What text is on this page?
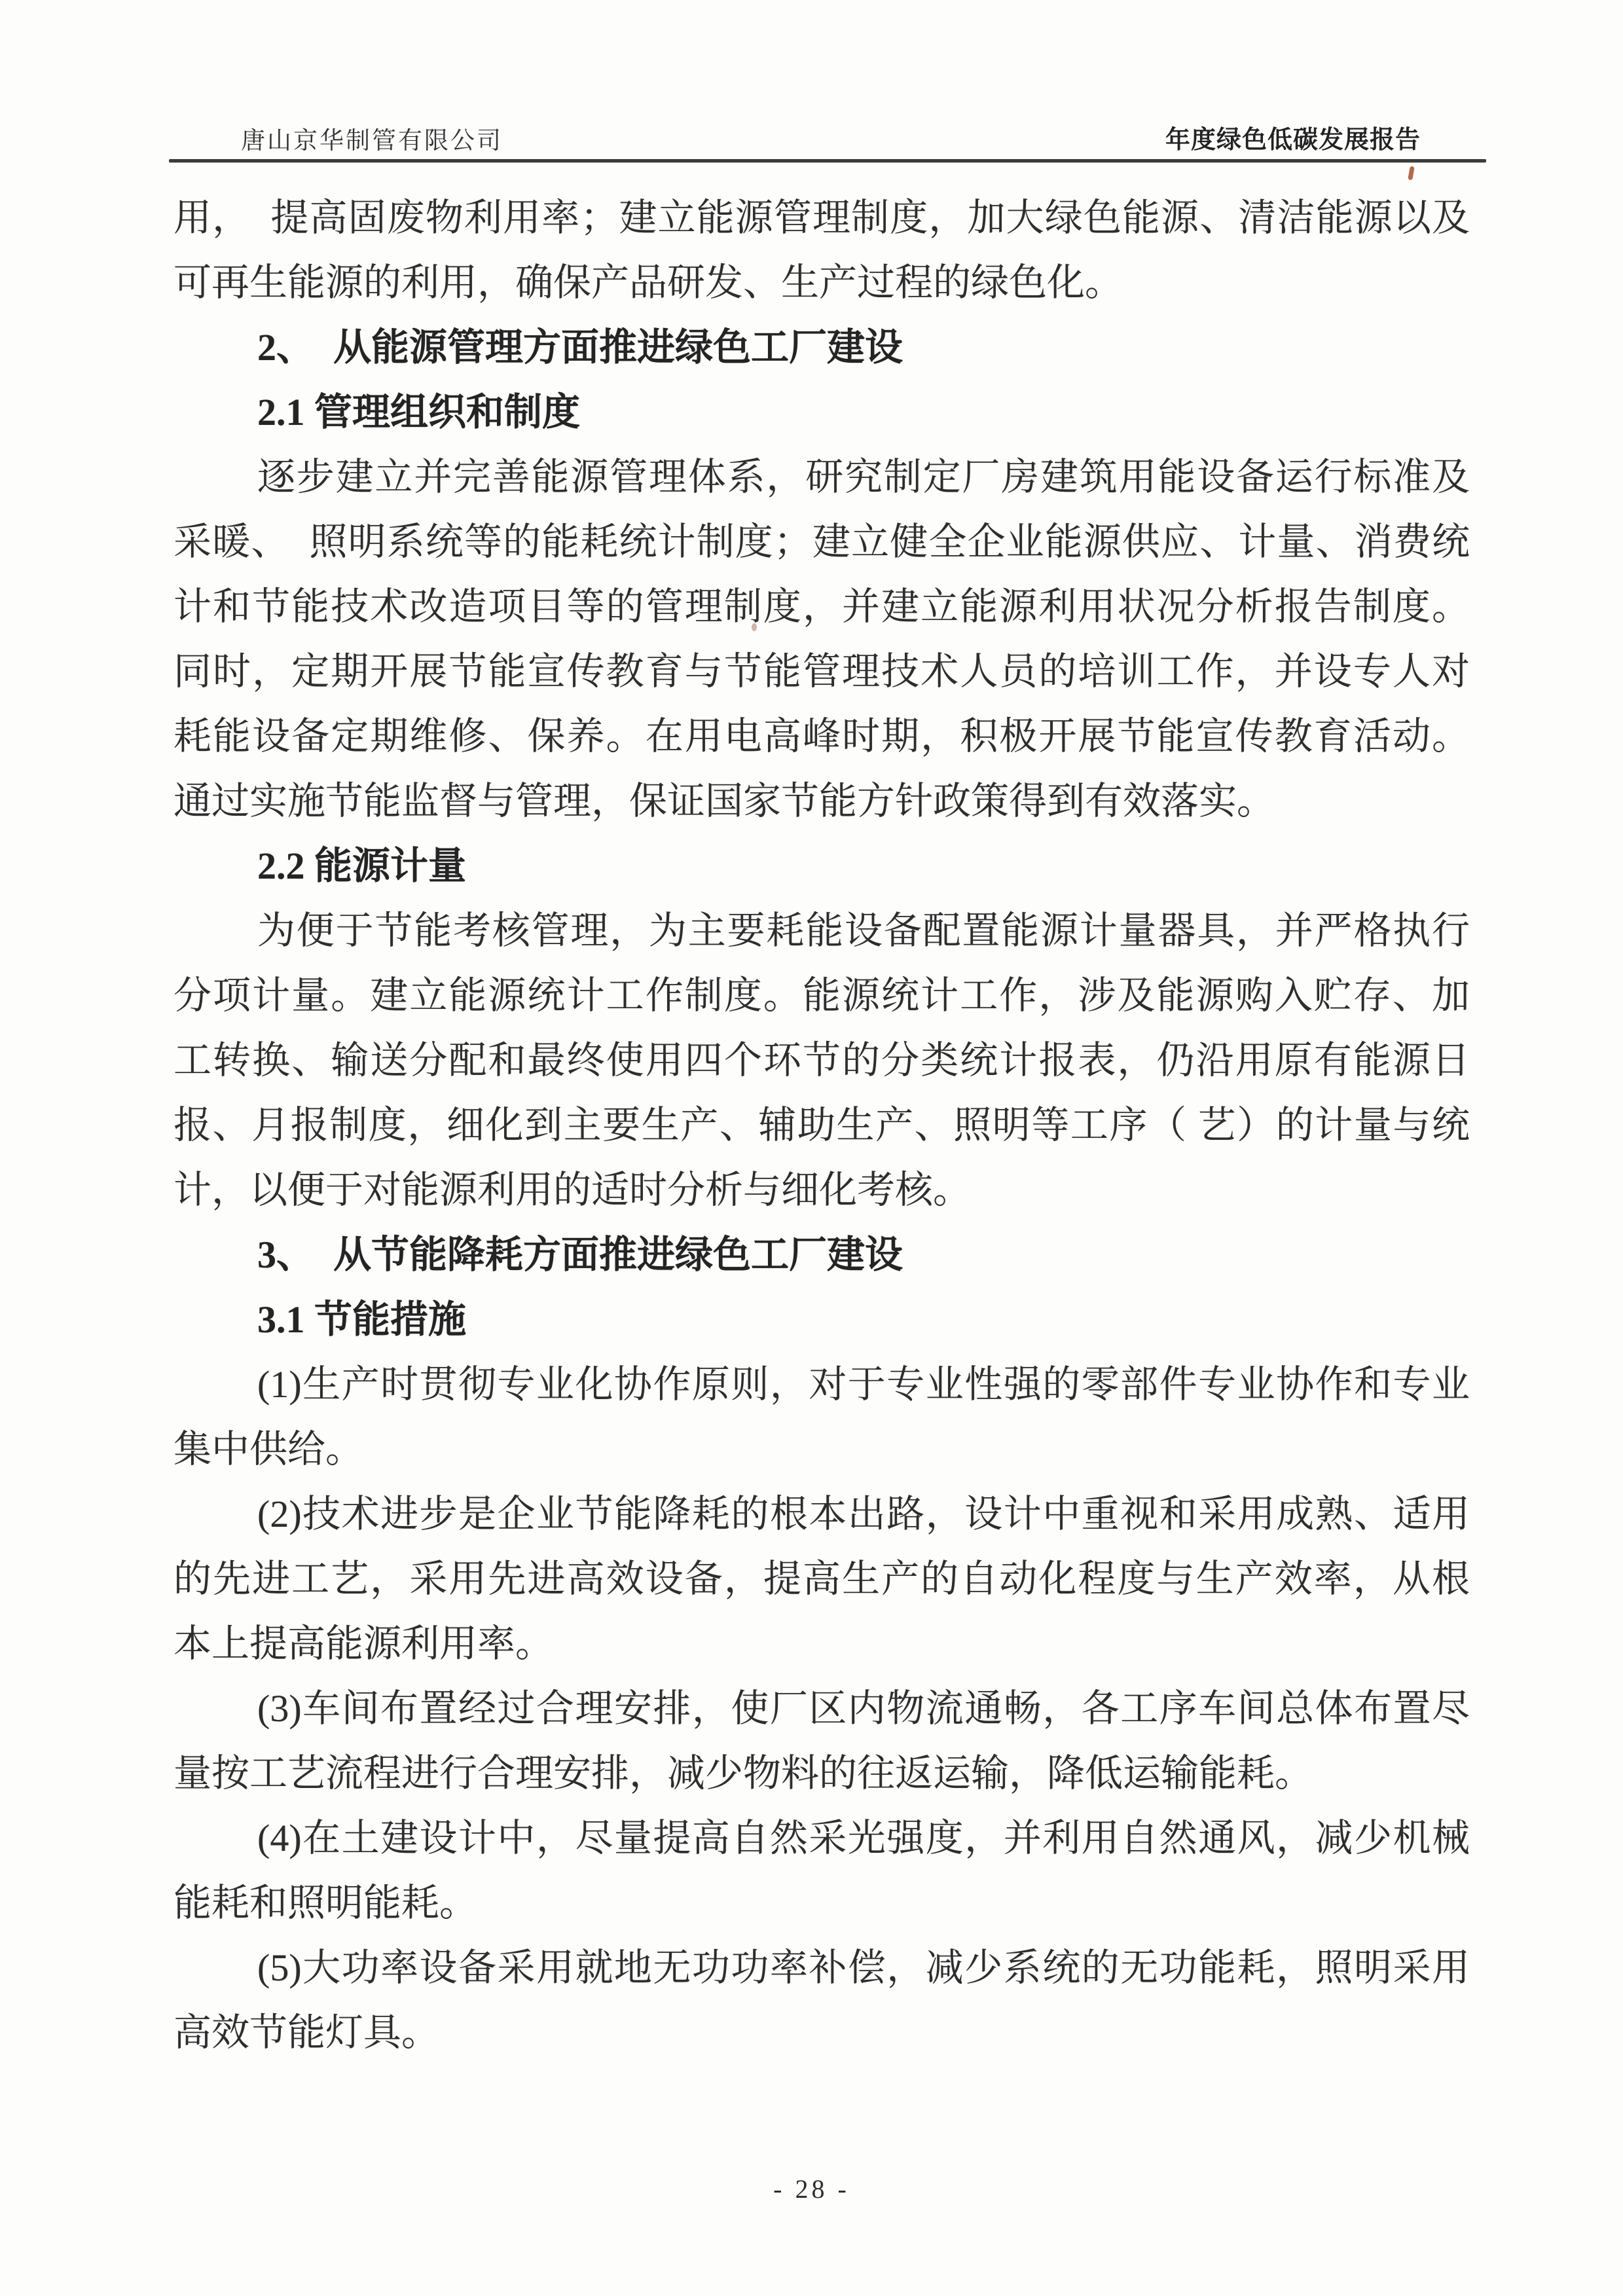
唐山京华制管有限公司	年度绿色低碳发展报告
用，　提高固废物利用率；建立能源管理制度，加大绿色能源、清洁能源以及
可再生能源的利用，确保产品研发、生产过程的绿色化。
2、　从能源管理方面推进绿色工厂建设
2.1 管理组织和制度
逐步建立并完善能源管理体系，研究制定厂房建筑用能设备运行标准及
采暖、　照明系统等的能耗统计制度；建立健全企业能源供应、计量、消费统
计和节能技术改造项目等的管理制度，并建立能源利用状况分析报告制度。
同时，定期开展节能宣传教育与节能管理技术人员的培训工作，并设专人对
耗能设备定期维修、保养。在用电高峰时期，积极开展节能宣传教育活动。
通过实施节能监督与管理，保证国家节能方针政策得到有效落实。
2.2 能源计量
为便于节能考核管理，为主要耗能设备配置能源计量器具，并严格执行
分项计量。建立能源统计工作制度。能源统计工作，涉及能源购入贮存、加
工转换、输送分配和最终使用四个环节的分类统计报表，仍沿用原有能源日
报、月报制度，细化到主要生产、辅助生产、照明等工序（ 艺）的计量与统
计，以便于对能源利用的适时分析与细化考核。
3、　从节能降耗方面推进绿色工厂建设
3.1 节能措施
(1)生产时贯彻专业化协作原则，对于专业性强的零部件专业协作和专业
集中供给。
(2)技术进步是企业节能降耗的根本出路，设计中重视和采用成熟、适用
的先进工艺，采用先进高效设备，提高生产的自动化程度与生产效率，从根
本上提高能源利用率。
(3)车间布置经过合理安排，使厂区内物流通畅，各工序车间总体布置尽
量按工艺流程进行合理安排，减少物料的往返运输，降低运输能耗。
(4)在土建设计中，尽量提高自然采光强度，并利用自然通风，减少机械
能耗和照明能耗。
(5)大功率设备采用就地无功功率补偿，减少系统的无功能耗，照明采用
高效节能灯具。
- 28 -
